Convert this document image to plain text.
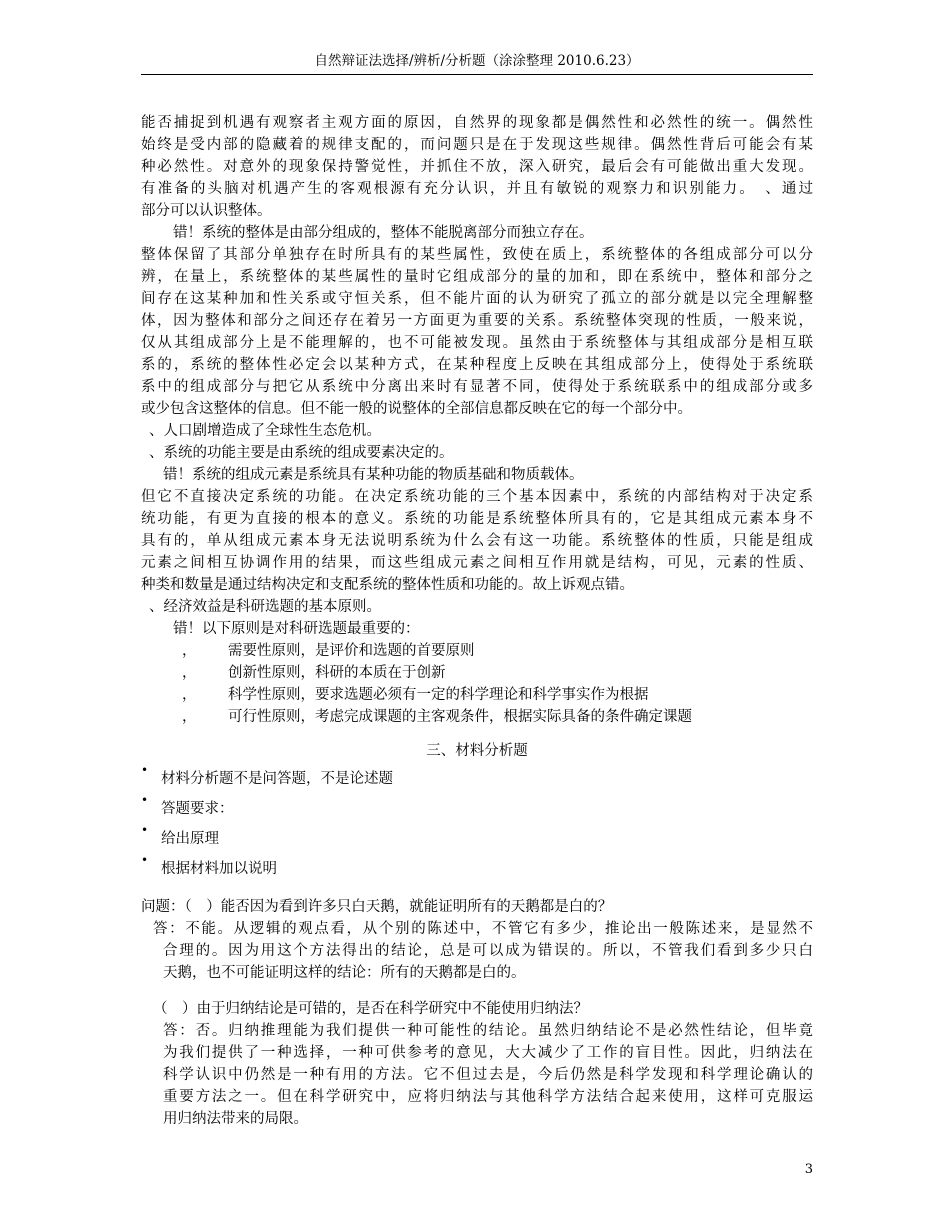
自然辩证法选择/辨析/分析题（涂涂整理 2010.6.23）
能否捕捉到机遇有观察者主观方面的原因，自然界的现象都是偶然性和必然性的统一。偶然性
始终是受内部的隐藏着的规律支配的，而问题只是在于发现这些规律。偶然性背后可能会有某
种必然性。对意外的现象保持警觉性，并抓住不放，深入研究，最后会有可能做出重大发现。
有准备的头脑对机遇产生的客观根源有充分认识，并且有敏锐的观察力和识别能力。　、通过
部分可以认识整体。
错！系统的整体是由部分组成的，整体不能脱离部分而独立存在。
整体保留了其部分单独存在时所具有的某些属性，致使在质上，系统整体的各组成部分可以分
辨，在量上，系统整体的某些属性的量时它组成部分的量的加和，即在系统中，整体和部分之
间存在这某种加和性关系或守恒关系，但不能片面的认为研究了孤立的部分就是以完全理解整
体，因为整体和部分之间还存在着另一方面更为重要的关系。系统整体突现的性质，一般来说，
仅从其组成部分上是不能理解的，也不可能被发现。虽然由于系统整体与其组成部分是相互联
系的，系统的整体性必定会以某种方式，在某种程度上反映在其组成部分上，使得处于系统联
系中的组成部分与把它从系统中分离出来时有显著不同，使得处于系统联系中的组成部分或多
或少包含这整体的信息。但不能一般的说整体的全部信息都反映在它的每一个部分中。
、人口剧增造成了全球性生态危机。
、系统的功能主要是由系统的组成要素决定的。
错！系统的组成元素是系统具有某种功能的物质基础和物质载体。
但它不直接决定系统的功能。在决定系统功能的三个基本因素中，系统的内部结构对于决定系
统功能，有更为直接的根本的意义。系统的功能是系统整体所具有的，它是其组成元素本身不
具有的，单从组成元素本身无法说明系统为什么会有这一功能。系统整体的性质，只能是组成
元素之间相互协调作用的结果，而这些组成元素之间相互作用就是结构，可见，元素的性质、
种类和数量是通过结构决定和支配系统的整体性质和功能的。故上诉观点错。
、经济效益是科研选题的基本原则。
错！以下原则是对科研选题最重要的：
， 需要性原则，是评价和选题的首要原则
， 创新性原则，科研的本质在于创新
， 科学性原则，要求选题必须有一定的科学理论和科学事实作为根据
， 可行性原则，考虑完成课题的主客观条件，根据实际具备的条件确定课题
三、材料分析题
•
材料分析题不是问答题，不是论述题
•
答题要求：
•
给出原理
•
根据材料加以说明
问题：（　）能否因为看到许多只白天鹅，就能证明所有的天鹅都是白的？
答：不能。从逻辑的观点看，从个别的陈述中，不管它有多少，推论出一般陈述来，是显然不
合理的。因为用这个方法得出的结论，总是可以成为错误的。所以，不管我们看到多少只白
天鹅，也不可能证明这样的结论：所有的天鹅都是白的。
（　）由于归纳结论是可错的，是否在科学研究中不能使用归纳法？
答：否。归纳推理能为我们提供一种可能性的结论。虽然归纳结论不是必然性结论，但毕竟
为我们提供了一种选择，一种可供参考的意见，大大减少了工作的盲目性。因此，归纳法在
科学认识中仍然是一种有用的方法。它不但过去是，今后仍然是科学发现和科学理论确认的
重要方法之一。但在科学研究中，应将归纳法与其他科学方法结合起来使用，这样可克服运
用归纳法带来的局限。
3
